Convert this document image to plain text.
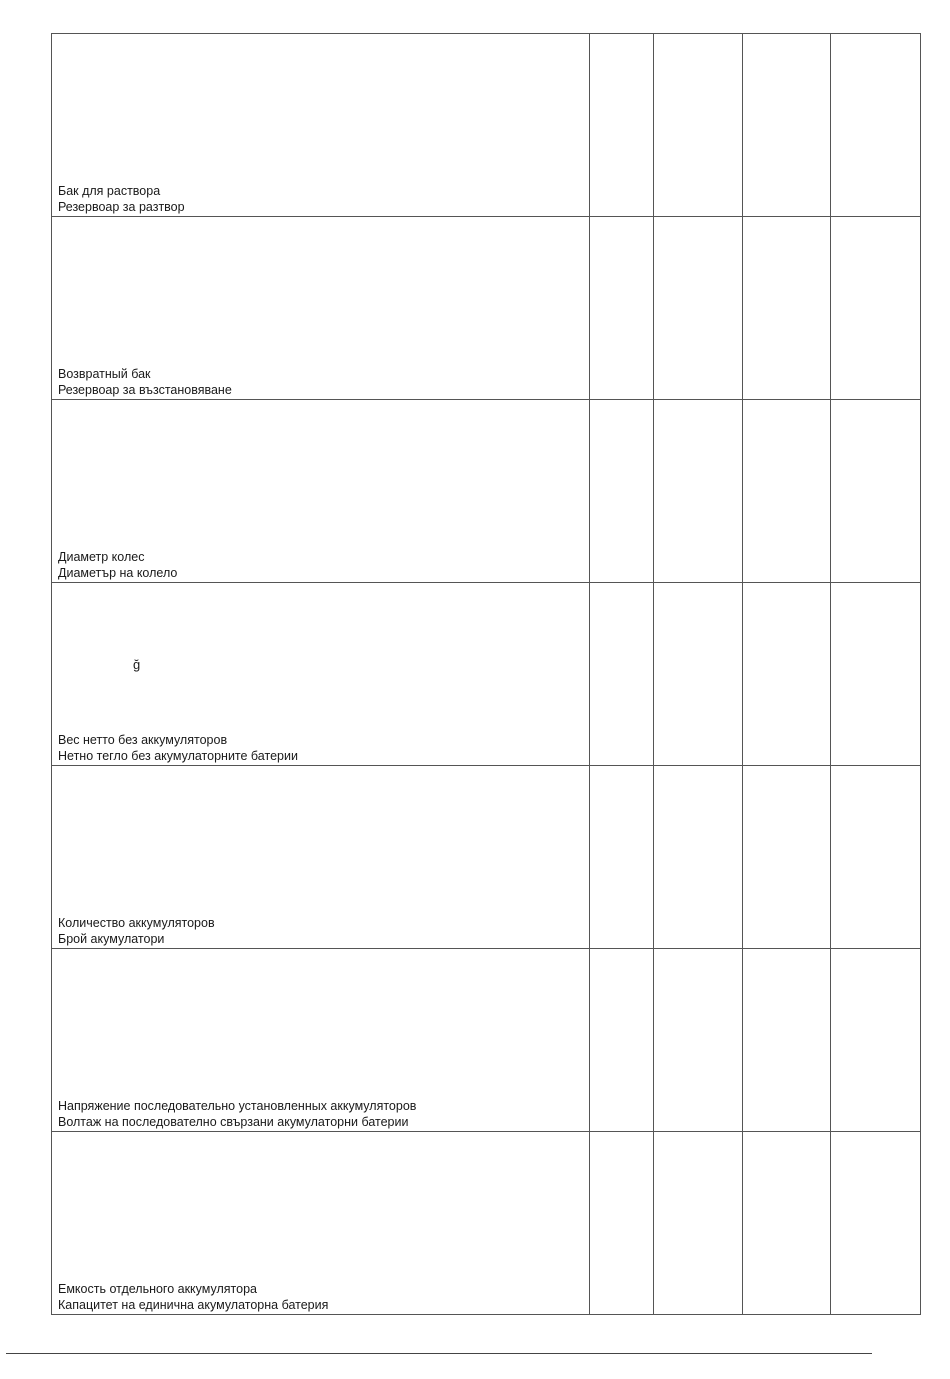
Бак для раствора
Резервоар за разтвор				

Возвратный бак
Резервоар за възстановяване				

Диаметр колес
Диаметър на колело				

ğ
Вес нетто без аккумуляторов
Нетно тегло без акумулаторните батерии				

Количество аккумуляторов
Брой акумулатори				

Напряжение последовательно установленных аккумуляторов
Волтаж на последователно свързани акумулаторни батерии				

Емкость отдельного аккумулятора
Капацитет на единична акумулаторна батерия				
